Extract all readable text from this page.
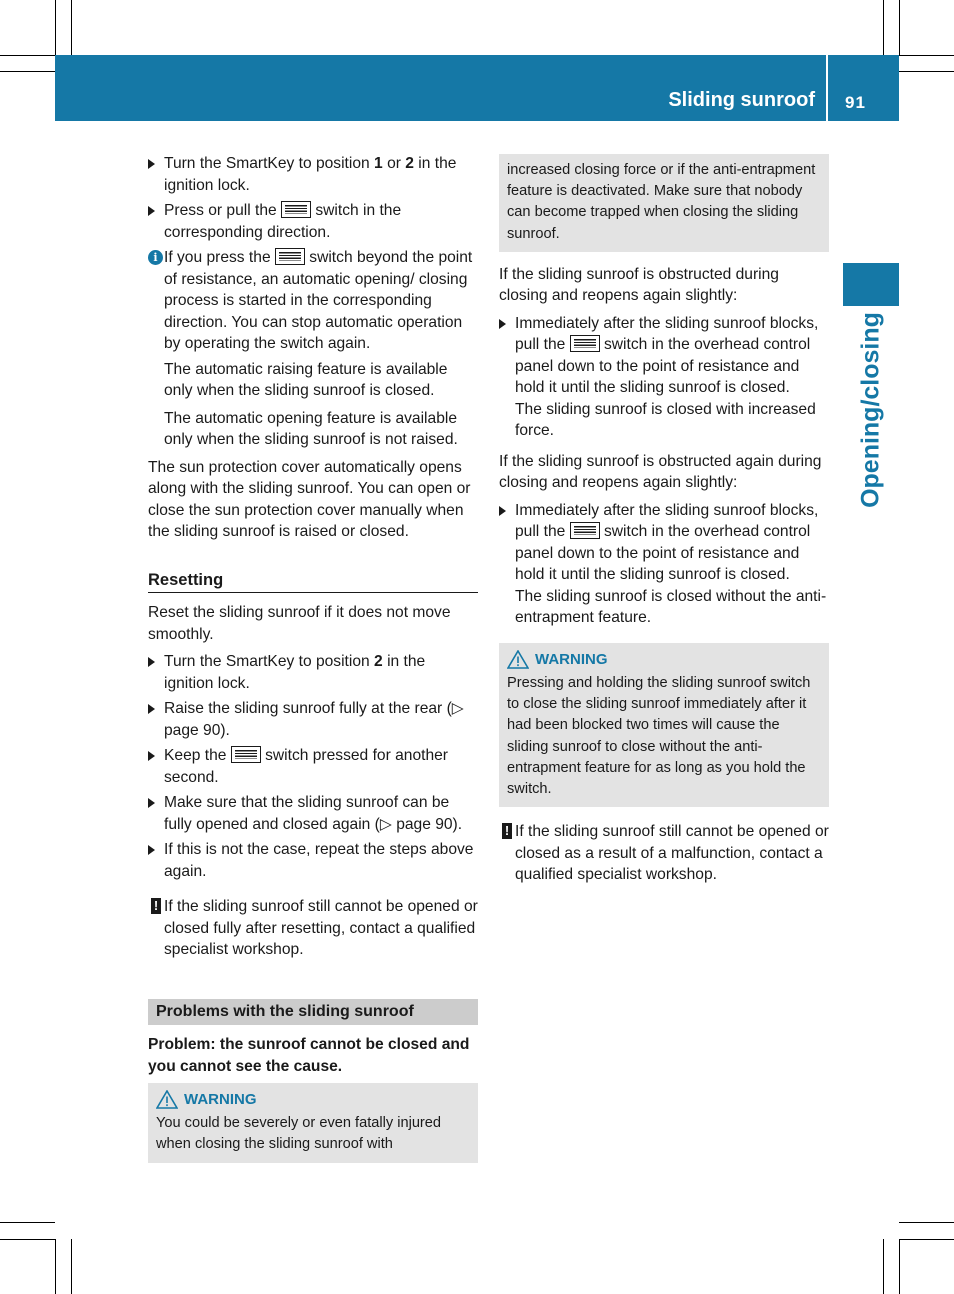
Sliding sunroof 91
Opening/closing
Turn the SmartKey to position 1 or 2 in the ignition lock.
Press or pull the  switch in the corresponding direction.
i If you press the  switch beyond the point of resistance, an automatic opening/ closing process is started in the corresponding direction. You can stop automatic operation by operating the switch again.

The automatic raising feature is available only when the sliding sunroof is closed.

The automatic opening feature is available only when the sliding sunroof is not raised.

The sun protection cover automatically opens along with the sliding sunroof. You can open or close the sun protection cover manually when the sliding sunroof is raised or closed.

Resetting

Reset the sliding sunroof if it does not move smoothly.

Turn the SmartKey to position 2 in the ignition lock.
Raise the sliding sunroof fully at the rear (▷ page 90).
Keep the  switch pressed for another second.
Make sure that the sliding sunroof can be fully opened and closed again (▷ page 90).
If this is not the case, repeat the steps above again.
! If the sliding sunroof still cannot be opened or closed fully after resetting, contact a qualified specialist workshop.
Problems with the sliding sunroof

Problem: the sunroof cannot be closed and you cannot see the cause.

WARNING
You could be severely or even fatally injured when closing the sliding sunroof with
increased closing force or if the anti-entrapment feature is deactivated. Make sure that nobody can become trapped when closing the sliding sunroof.

If the sliding sunroof is obstructed during closing and reopens again slightly:

Immediately after the sliding sunroof blocks, pull the  switch in the overhead control panel down to the point of resistance and hold it until the sliding sunroof is closed.

The sliding sunroof is closed with increased force.

If the sliding sunroof is obstructed again during closing and reopens again slightly:

Immediately after the sliding sunroof blocks, pull the  switch in the overhead control panel down to the point of resistance and hold it until the sliding sunroof is closed.

The sliding sunroof is closed without the anti-entrapment feature.

WARNING
Pressing and holding the sliding sunroof switch to close the sliding sunroof immediately after it had been blocked two times will cause the sliding sunroof to close without the anti-entrapment feature for as long as you hold the switch.
! If the sliding sunroof still cannot be opened or closed as a result of a malfunction, contact a qualified specialist workshop.
